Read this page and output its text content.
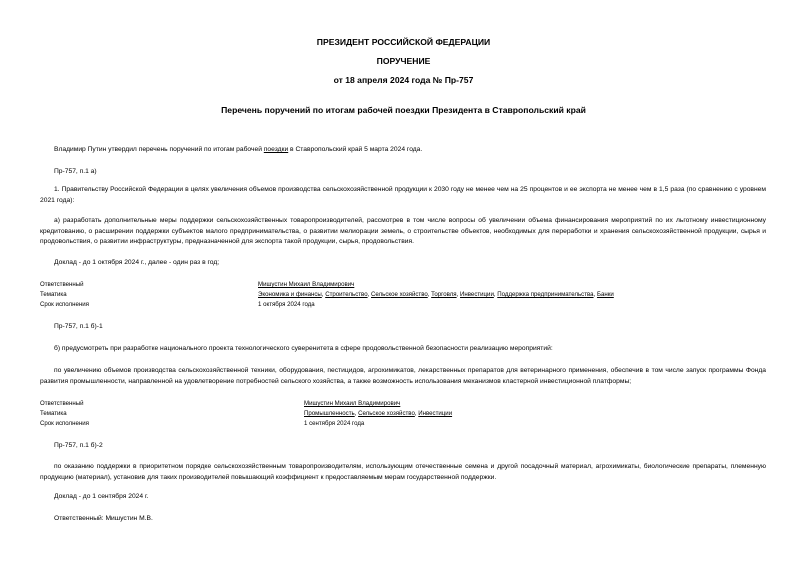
ПРЕЗИДЕНТ РОССИЙСКОЙ ФЕДЕРАЦИИ
ПОРУЧЕНИЕ
от 18 апреля 2024 года № Пр-757
Перечень поручений по итогам рабочей поездки Президента в Ставропольский край
Владимир Путин утвердил перечень поручений по итогам рабочей поездки в Ставропольский край 5 марта 2024 года.
Пр-757, п.1 а)
1. Правительству Российской Федерации в целях увеличения объемов производства сельскохозяйственной продукции к 2030 году не менее чем на 25 процентов и ее экспорта не менее чем в 1,5 раза (по сравнению с уровнем 2021 года):
а) разработать дополнительные меры поддержки сельскохозяйственных товаропроизводителей, рассмотрев в том числе вопросы об увеличении объема финансирования мероприятий по их льготному инвестиционному кредитованию, о расширении поддержки субъектов малого предпринимательства, о развитии мелиорации земель, о строительстве объектов, необходимых для переработки и хранения сельскохозяйственной продукции, сырья и продовольствия, о развитии инфраструктуры, предназначенной для экспорта такой продукции, сырья, продовольствия.
Доклад - до 1 октября 2024 г., далее - один раз в год;
Ответственный	Мишустин Михаил Владимирович
Тематика	Экономика и финансы, Строительство, Сельское хозяйство, Торговля, Инвестиции, Поддержка предпринимательства, Банки
Срок исполнения	1 октября 2024 года
Пр-757, п.1 б)-1
б) предусмотреть при разработке национального проекта технологического суверенитета в сфере продовольственной безопасности реализацию мероприятий:
по увеличению объемов производства сельскохозяйственной техники, оборудования, пестицидов, агрохимикатов, лекарственных препаратов для ветеринарного применения, обеспечив в том числе запуск программы Фонда развития промышленности, направленной на удовлетворение потребностей сельского хозяйства, а также возможность использования механизмов кластерной инвестиционной платформы;
Ответственный	Мишустин Михаил Владимирович
Тематика	Промышленность, Сельское хозяйство, Инвестиции
Срок исполнения	1 сентября 2024 года
Пр-757, п.1 б)-2
по оказанию поддержки в приоритетном порядке сельскохозяйственным товаропроизводителям, использующим отечественные семена и другой посадочный материал, агрохимикаты, биологические препараты, племенную продукцию (материал), установив для таких производителей повышающий коэффициент к предоставляемым мерам государственной поддержки.
Доклад - до 1 сентября 2024 г.
Ответственный: Мишустин М.В.
